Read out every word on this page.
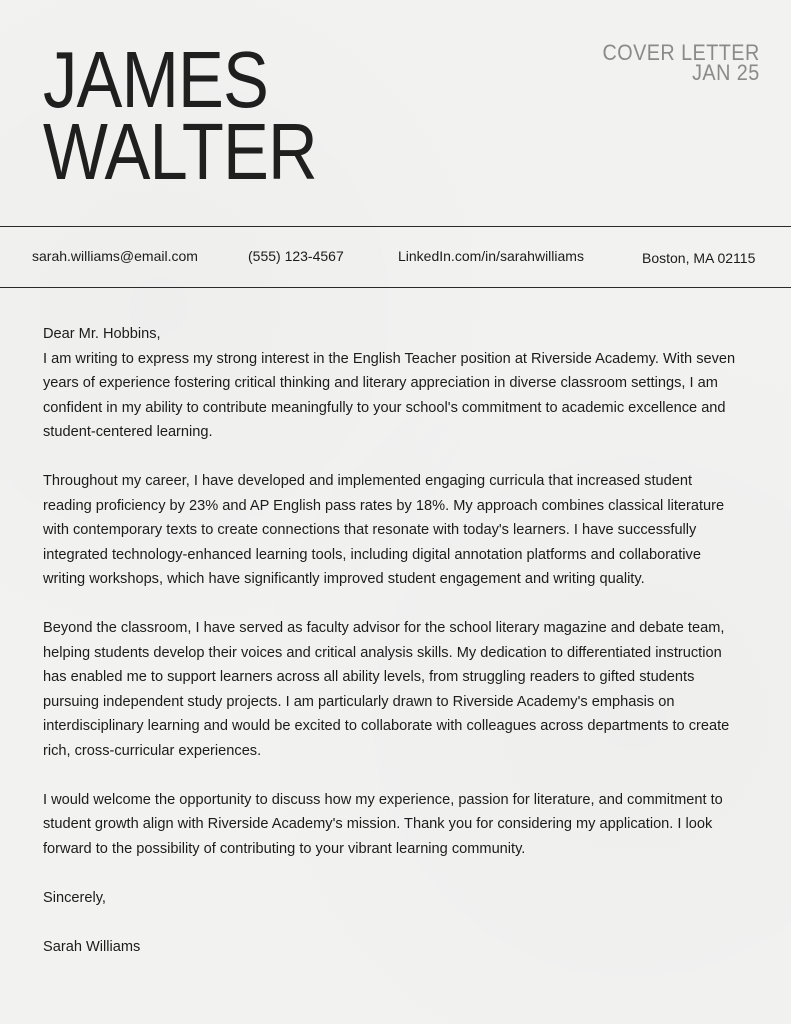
JAMES
WALTER
COVER LETTER
JAN 25
sarah.williams@email.com	(555) 123-4567	LinkedIn.com/in/sarahwilliams	Boston, MA 02115

Dear Mr. Hobbins,

I am writing to express my strong interest in the English Teacher position at Riverside Academy. With seven years of experience fostering critical thinking and literary appreciation in diverse classroom settings, I am confident in my ability to contribute meaningfully to your school's commitment to academic excellence and student-centered learning.

Throughout my career, I have developed and implemented engaging curricula that increased student reading proficiency by 23% and AP English pass rates by 18%. My approach combines classical literature with contemporary texts to create connections that resonate with today's learners. I have successfully integrated technology-enhanced learning tools, including digital annotation platforms and collaborative writing workshops, which have significantly improved student engagement and writing quality.

Beyond the classroom, I have served as faculty advisor for the school literary magazine and debate team, helping students develop their voices and critical analysis skills. My dedication to differentiated instruction has enabled me to support learners across all ability levels, from struggling readers to gifted students pursuing independent study projects. I am particularly drawn to Riverside Academy's emphasis on interdisciplinary learning and would be excited to collaborate with colleagues across departments to create rich, cross-curricular experiences.

I would welcome the opportunity to discuss how my experience, passion for literature, and commitment to student growth align with Riverside Academy's mission. Thank you for considering my application. I look forward to the possibility of contributing to your vibrant learning community.

Sincerely,

Sarah Williams
